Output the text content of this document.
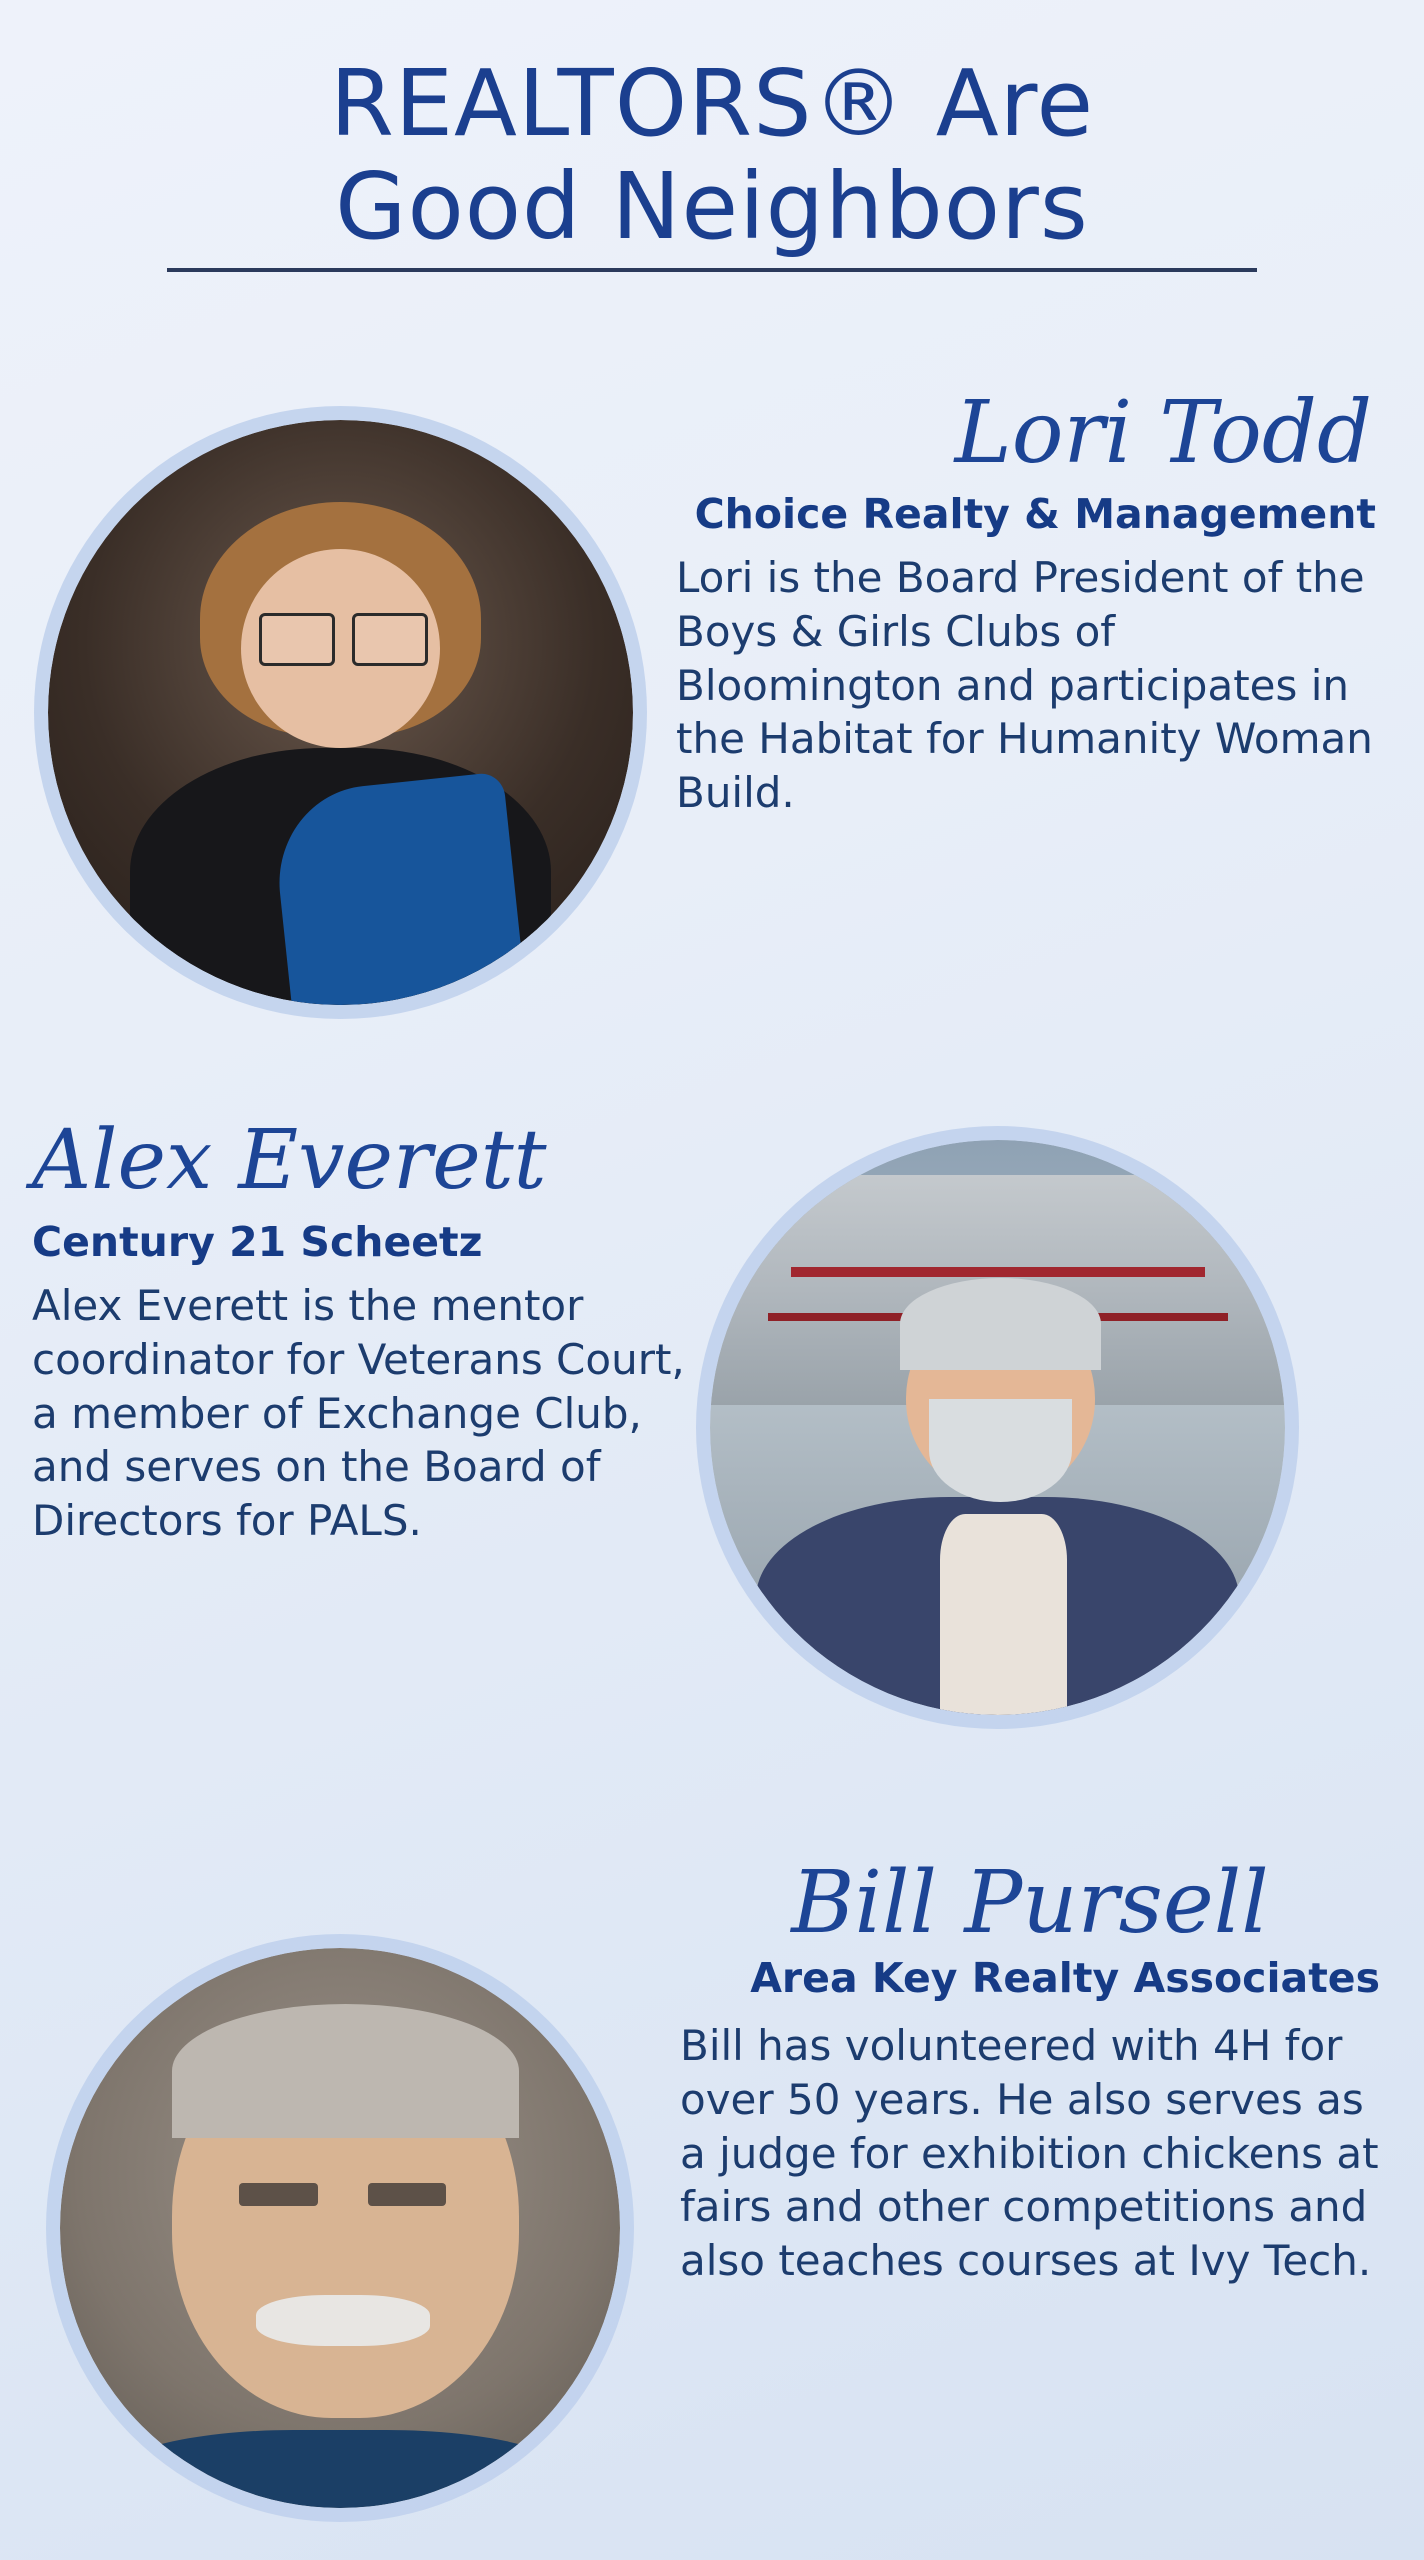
REALTORS® Are
Good Neighbors
Lori Todd
Choice Realty & Management
Lori is the Board President of the Boys & Girls Clubs of Bloomington and participates in the Habitat for Humanity Woman Build.
Alex Everett
Century 21 Scheetz
Alex Everett is the mentor coordinator for Veterans Court, a member of Exchange Club, and serves on the Board of Directors for PALS.
Bill Pursell
Area Key Realty Associates
Bill has volunteered with 4H for over 50 years. He also serves as a judge for exhibition chickens at fairs and other competitions and also teaches courses at Ivy Tech.
